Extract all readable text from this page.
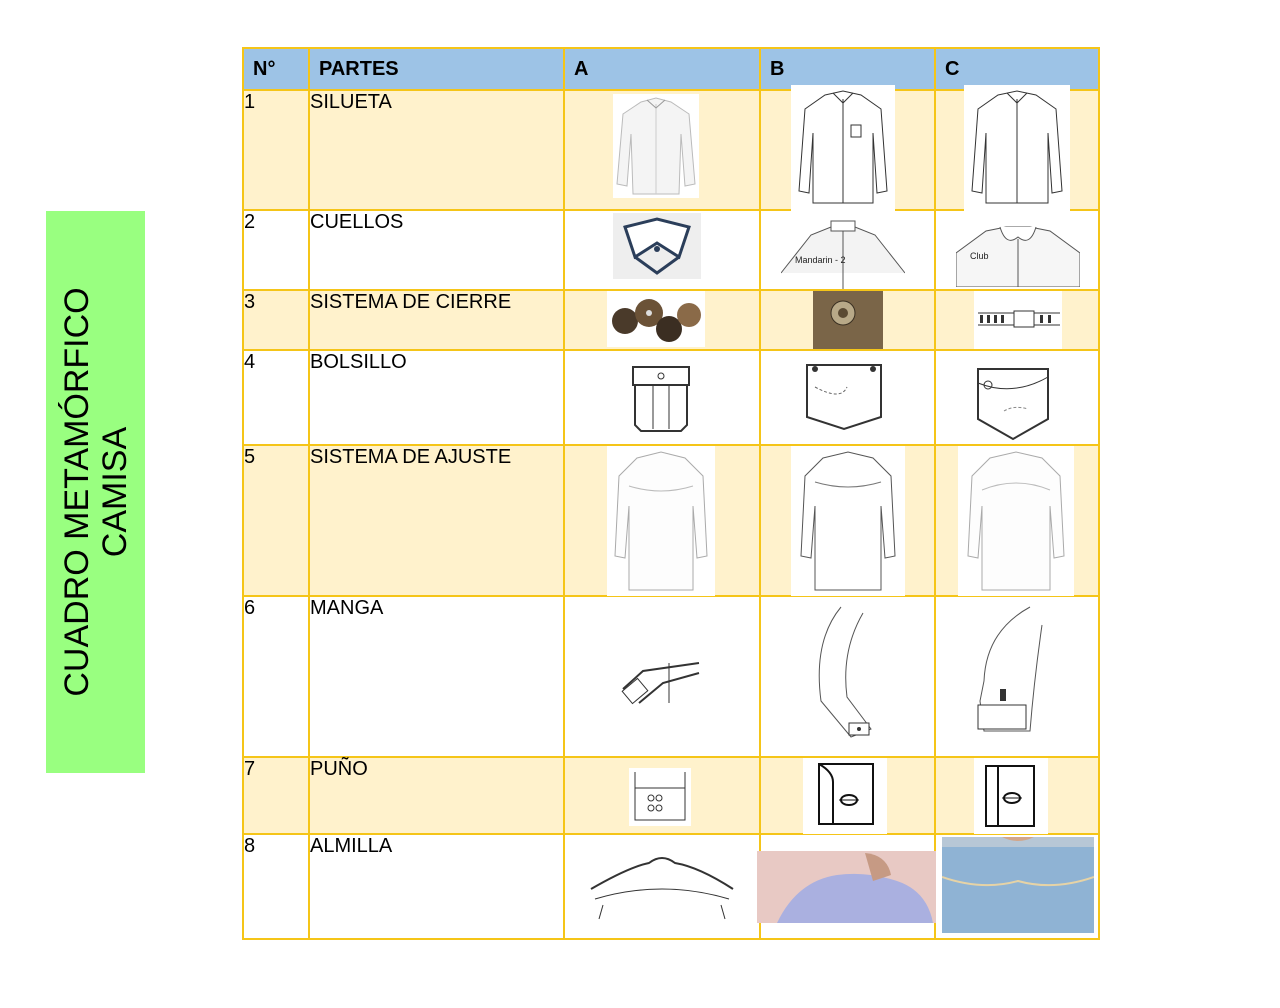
CUADRO METAMÓRFICO CAMISA
N°	PARTES	A	B	C
1	SILUETA	

2	CUELLOS		Mandarin - 2	Club

3	SISTEMA DE CIERRE	

4	BOLSILLO	

5	SISTEMA DE AJUSTE	

6	MANGA	

7	PUÑO	

8	ALMILLA	
